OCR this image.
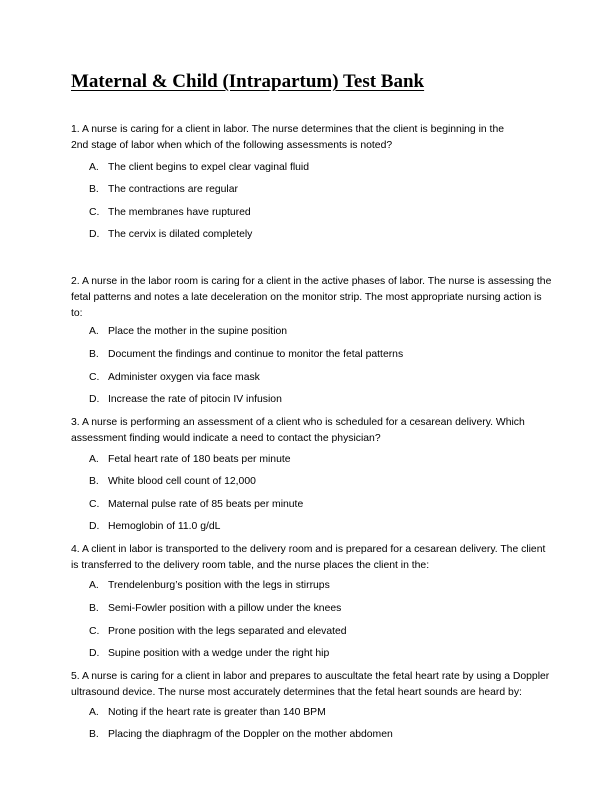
Maternal & Child (Intrapartum) Test Bank
1. A nurse is caring for a client in labor. The nurse determines that the client is beginning in the
2nd stage of labor when which of the following assessments is noted?
A. The client begins to expel clear vaginal fluid
B. The contractions are regular
C. The membranes have ruptured
D. The cervix is dilated completely
2. A nurse in the labor room is caring for a client in the active phases of labor. The nurse is assessing the
fetal patterns and notes a late deceleration on the monitor strip. The most appropriate nursing action is
to:
A. Place the mother in the supine position
B. Document the findings and continue to monitor the fetal patterns
C. Administer oxygen via face mask
D. Increase the rate of pitocin IV infusion
3. A nurse is performing an assessment of a client who is scheduled for a cesarean delivery. Which
assessment finding would indicate a need to contact the physician?
A. Fetal heart rate of 180 beats per minute
B. White blood cell count of 12,000
C. Maternal pulse rate of 85 beats per minute
D. Hemoglobin of 11.0 g/dL
4. A client in labor is transported to the delivery room and is prepared for a cesarean delivery. The client
is transferred to the delivery room table, and the nurse places the client in the:
A. Trendelenburg’s position with the legs in stirrups
B. Semi-Fowler position with a pillow under the knees
C. Prone position with the legs separated and elevated
D. Supine position with a wedge under the right hip
5. A nurse is caring for a client in labor and prepares to auscultate the fetal heart rate by using a Doppler
ultrasound device. The nurse most accurately determines that the fetal heart sounds are heard by:
A. Noting if the heart rate is greater than 140 BPM
B. Placing the diaphragm of the Doppler on the mother abdomen
